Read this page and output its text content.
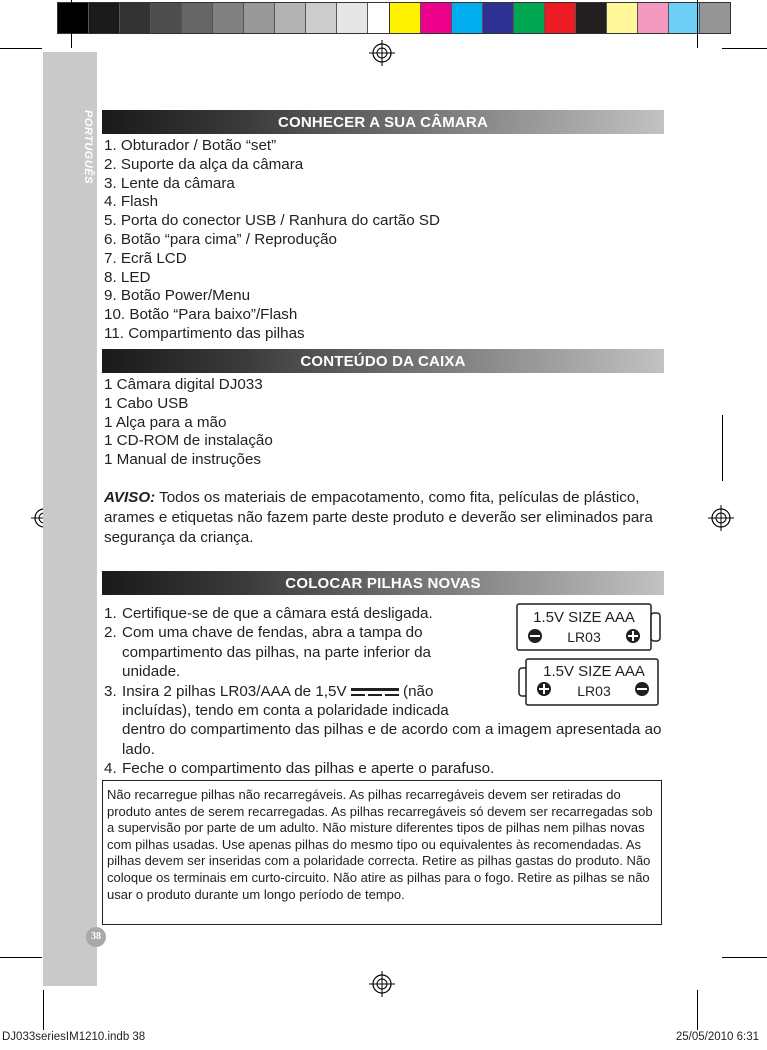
PORTUGUÊS	CONHECER A SUA CÂMARA
1. Obturador / Botão “set”
2. Suporte da alça da câmara
3. Lente da câmara
4. Flash
5. Porta do conector USB / Ranhura do cartão SD
6. Botão “para cima” / Reprodução
7. Ecrã LCD
8. LED
9. Botão Power/Menu
10. Botão “Para baixo”/Flash
11. Compartimento das pilhas
CONTEÚDO DA CAIXA
1 Câmara digital DJ033
1 Cabo USB
1 Alça para a mão
1 CD-ROM de instalação
1 Manual de instruções
AVISO: Todos os materiais de empacotamento, como fita, películas de plástico, arames e etiquetas não fazem parte deste produto e deverão ser eliminados para segurança da criança.
COLOCAR PILHAS NOVAS
1. Certifique-se de que a câmara está desligada.
2. Com uma chave de fendas, abra a tampa do compartimento das pilhas, na parte inferior da unidade.
3. Insira 2 pilhas LR03/AAA de 1,5V	(não incluídas), tendo em conta a polaridade indicada
dentro do compartimento das pilhas e de acordo com a imagem apresentada ao lado.
4. Feche o compartimento das pilhas e aperte o parafuso.
1.5V SIZE AAA
LR03
1.5V SIZE AAA
LR03
Não recarregue pilhas não recarregáveis. As pilhas recarregáveis devem ser retiradas do produto antes de serem recarregadas. As pilhas recarregáveis só devem ser recarregadas sob a supervisão por parte de um adulto. Não misture diferentes tipos de pilhas nem pilhas novas com pilhas usadas. Use apenas pilhas do mesmo tipo ou equivalentes às recomendadas. As pilhas devem ser inseridas com a polaridade correcta. Retire as pilhas gastas do produto. Não coloque os terminais em curto-circuito. Não atire as pilhas para o fogo. Retire as pilhas se não usar o produto durante um longo período de tempo.
38
DJ033seriesIM1210.indb 38	25/05/2010 6:31
